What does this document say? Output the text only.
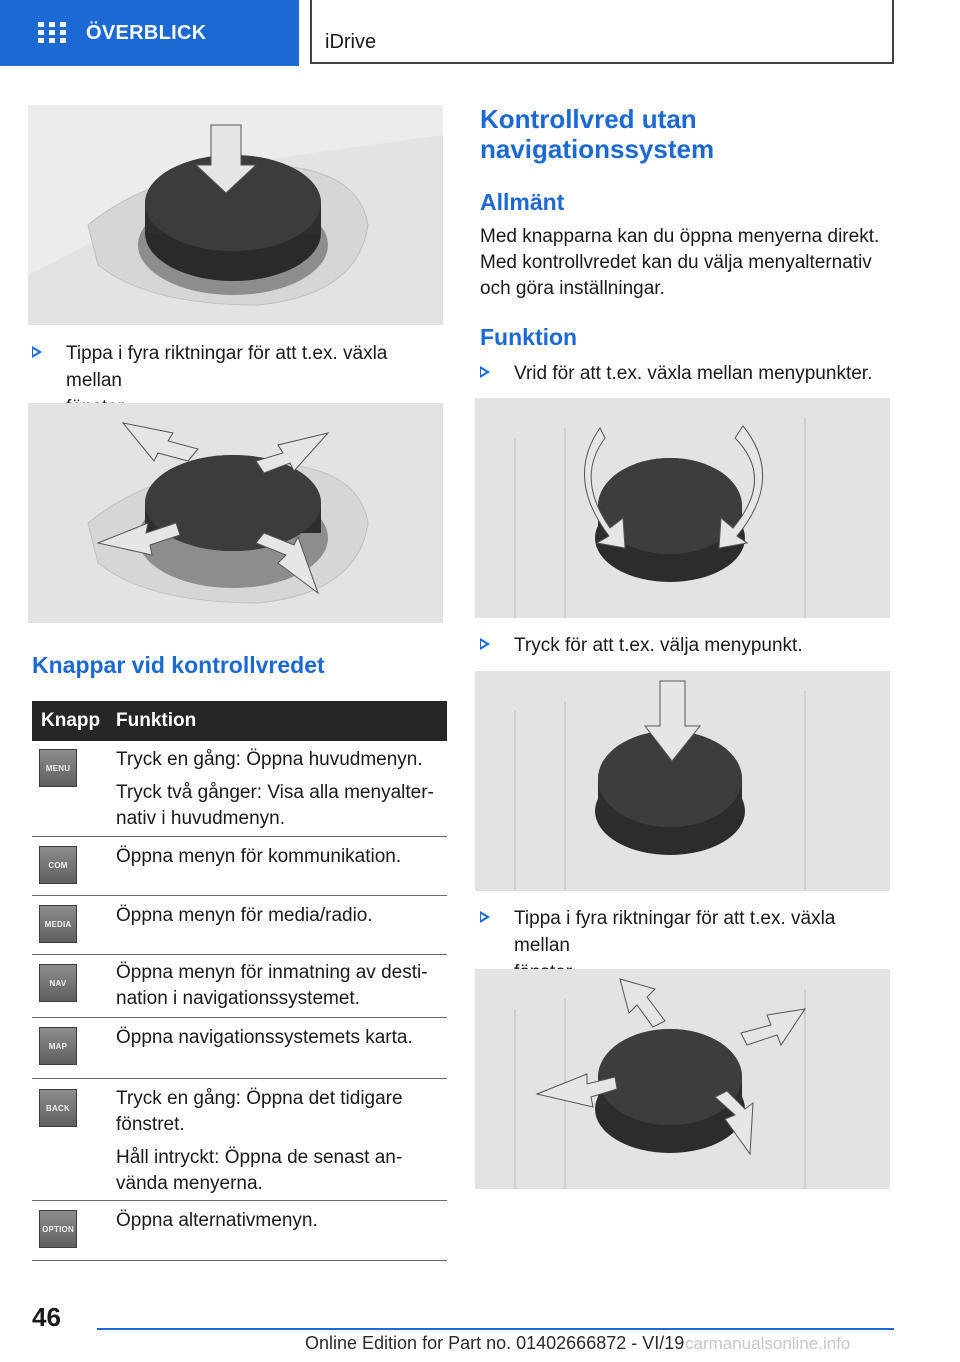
ÖVERBLICK	iDrive
Tippa i fyra riktningar för att t.ex. växla mellan

Knappar vid kontrollvredet
Knapp Funktion
MENU	Tryck en gång: Öppna huvudmenyn.

Tryck två gånger: Visa alla menyalter-
nativ i huvudmenyn.

COM	Öppna menyn för kommunikation.

MEDIA Öppna menyn för media/radio.

NAV	Öppna menyn för inmatning av desti-
nation i navigationssystemet.

MAP	Öppna navigationssystemets karta.

BACK	Tryck en gång: Öppna det tidigare
fönstret.

Håll intryckt: Öppna de senast an-
vända menyerna.

OPTION Öppna alternativmenyn.

Kontrollvred utan
navigationssystem
Allmänt
Med knapparna kan du öppna menyerna direkt.
Med kontrollvredet kan du välja menyalternativ
och göra inställningar.
Funktion
Vrid för att t.ex. växla mellan menypunkter.
Tryck för att t.ex. välja menypunkt.
Tippa i fyra riktningar för att t.ex. växla mellan

46
Online Edition for Part no. 01402666872 - VI/19 carmanualsonline.info
